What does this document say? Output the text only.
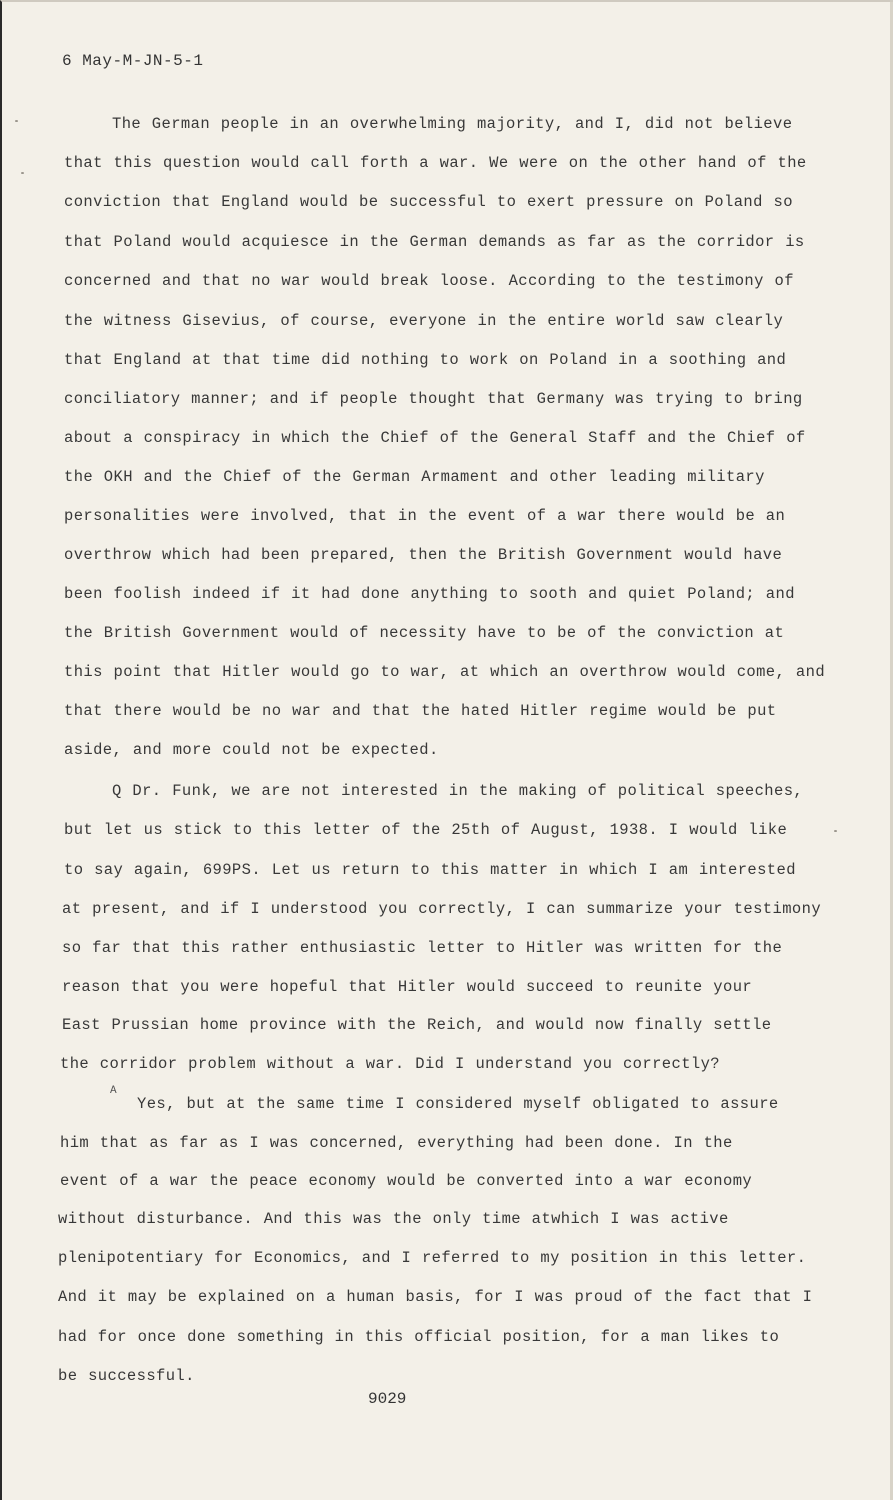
6 May-M-JN-5-1
The German people in an overwhelming majority, and I, did not believe
that this question would call forth a war. We were on the other hand of the
conviction that England would be successful to exert pressure on Poland so
that Poland would acquiesce in the German demands as far as the corridor is
concerned and that no war would break loose. According to the testimony of
the witness Gisevius, of course, everyone in the entire world saw clearly
that England at that time did nothing to work on Poland in a soothing and
conciliatory manner; and if people thought that Germany was trying to bring
about a conspiracy in which the Chief of the General Staff and the Chief of
the OKH and the Chief of the German Armament and other leading military
personalities were involved, that in the event of a war there would be an
overthrow which had been prepared, then the British Government would have
been foolish indeed if it had done anything to sooth and quiet Poland; and
the British Government would of necessity have to be of the conviction at
this point that Hitler would go to war, at which an overthrow would come, and
that there would be no war and that the hated Hitler regime would be put
aside, and more could not be expected.
Q Dr. Funk, we are not interested in the making of political speeches,
but let us stick to this letter of the 25th of August, 1938. I would like
to say again, 699PS. Let us return to this matter in which I am interested
at present, and if I understood you correctly, I can summarize your testimony
so far that this rather enthusiastic letter to Hitler was written for the
reason that you were hopeful that Hitler would succeed to reunite your
East Prussian home province with the Reich, and would now finally settle
the corridor problem without a war. Did I understand you correctly?
A
Yes, but at the same time I considered myself obligated to assure
him that as far as I was concerned, everything had been done. In the
event of a war the peace economy would be converted into a war economy
without disturbance. And this was the only time atwhich I was active
plenipotentiary for Economics, and I referred to my position in this letter.
And it may be explained on a human basis, for I was proud of the fact that I
had for once done something in this official position, for a man likes to
be successful.
9029
